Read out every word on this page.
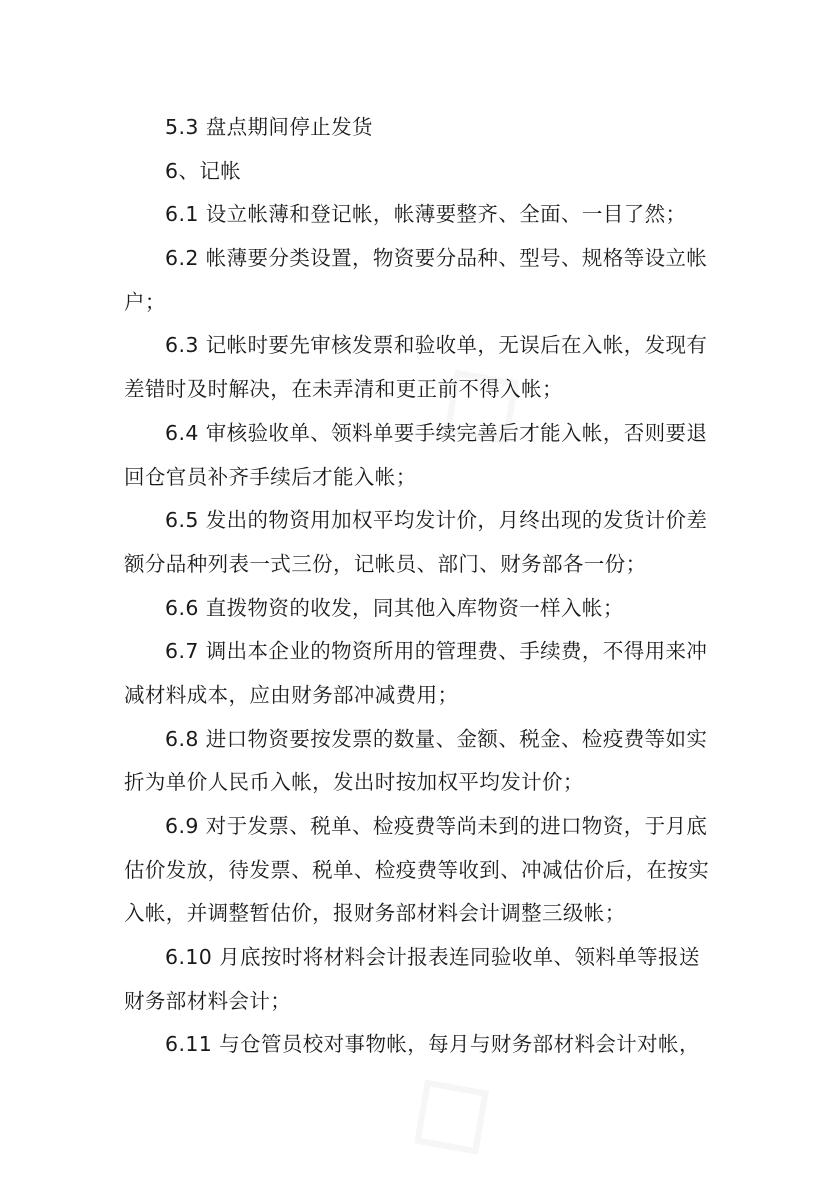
5.3 盘点期间停止发货
6、记帐
6.1 设立帐薄和登记帐，帐薄要整齐、全面、一目了然；
6.2 帐薄要分类设置，物资要分品种、型号、规格等设立帐
户；
6.3 记帐时要先审核发票和验收单，无误后在入帐，发现有
差错时及时解决，在未弄清和更正前不得入帐；
6.4 审核验收单、领料单要手续完善后才能入帐，否则要退
回仓官员补齐手续后才能入帐；
6.5 发出的物资用加权平均发计价，月终出现的发货计价差
额分品种列表一式三份，记帐员、部门、财务部各一份；
6.6 直拨物资的收发，同其他入库物资一样入帐；
6.7 调出本企业的物资所用的管理费、手续费，不得用来冲
减材料成本，应由财务部冲减费用；
6.8 进口物资要按发票的数量、金额、税金、检疫费等如实
折为单价人民币入帐，发出时按加权平均发计价；
6.9 对于发票、税单、检疫费等尚未到的进口物资，于月底
估价发放，待发票、税单、检疫费等收到、冲减估价后，在按实
入帐，并调整暂估价，报财务部材料会计调整三级帐；
6.10 月底按时将材料会计报表连同验收单、领料单等报送
财务部材料会计；
6.11 与仓管员校对事物帐，每月与财务部材料会计对帐，
